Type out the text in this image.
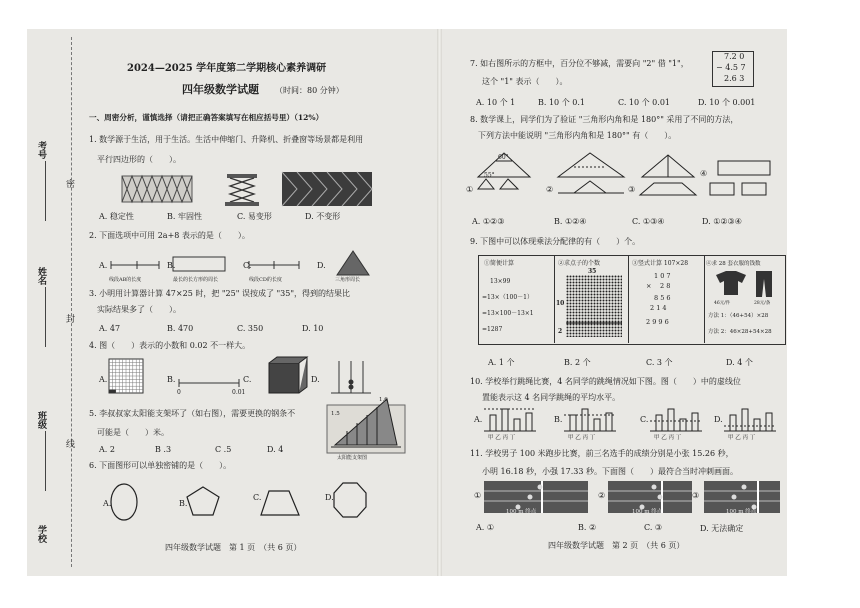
考号
姓名
班级
学校
密
封
线
2024—2025 学年度第二学期核心素养调研
四年级数学试题 （时间：80 分钟）
一、周密分析，谨慎选择（请把正确答案填写在相应括号里）（12%）
1. 数学源于生活，用于生活。生活中伸缩门、升降机、折叠窗等场景都是利用
平行四边形的（　　）。
A. 稳定性	B. 牢固性	C. 易变形	D. 不变形
2. 下面选项中可用 2a+8 表示的是（　　）。
A.	B.	C.	D.
线段AB的长度	最长的长方形的周长	线段CD的长度	三角形周长
3. 小明用计算器计算 47×25 时，把 "25" 误按成了 "35"，得到的结果比
实际结果多了（　　）。
A. 47	B. 470	C. 350	D. 10
4. 图（　　）表示的小数和 0.02 不一样大。
A.	B.	C.	D.
0	0.01
5. 李叔叔家太阳能支架坏了（如右图），需要更换的钢条不
可能是（　　）米。
A. 2	B .3	C .5	D. 4
1.5
1.6
太阳能支架图
6. 下面图形可以单独密铺的是（　　）。
A.	B.
C.	D.
四年级数学试题　第 1 页　（共 6 页）
7. 如右图所示的方框中，百分位不够减，需要向 "2" 借 "1"，
这个 "1" 表示（　　）。
7.2 0
− 4.5 7
2.6 3
A. 10 个 1	B. 10 个 0.1	C. 10 个 0.01	D. 10 个 0.001
8. 数学课上，同学们为了验证 "三角形内角和是 180°" 采用了不同的方法，
下列方法中能说明 "三角形内角和是 180°" 有（　　）。
①	②	③
④
60°
55°
A. ①②③	B. ①②④	C. ①③④	D. ①②③④
9. 下图中可以体现乘法分配律的有（　　）个。
①简便计算	②求点子的个数	③竖式计算 107×28	④求 28 套衣服的钱数
13×99
=13×（100－1）
=13×100－13×1
=1287
35
10
2
1 0 7
×　 2 8
8 5 6
2 1 4
2 9 9 6
46元/件	28元/条
方法 1：（46+54）×28
方法 2：46×28+54×28
A. 1 个	B. 2 个	C. 3 个	D. 4 个
10. 学校举行跳绳比赛，4 名同学的跳绳情况如下图。图（　　）中的虚线位
置能表示这 4 名同学跳绳的平均水平。
A.	B.	C.	D.
甲 乙 丙 丁	甲 乙 丙 丁	甲 乙 丙 丁	甲 乙 丙 丁
11. 学校男子 100 米跑步比赛，前三名选手的成绩分别是小张 15.26 秒，
小明 16.18 秒，小强 17.33 秒。下面图（　　）最符合当时冲刺画面。
①	②	③
100 m 终点	100 m 终点	100 m 终点
A. ①	B. ②	C. ③	D. 无法确定
四年级数学试题　第 2 页　（共 6 页）
